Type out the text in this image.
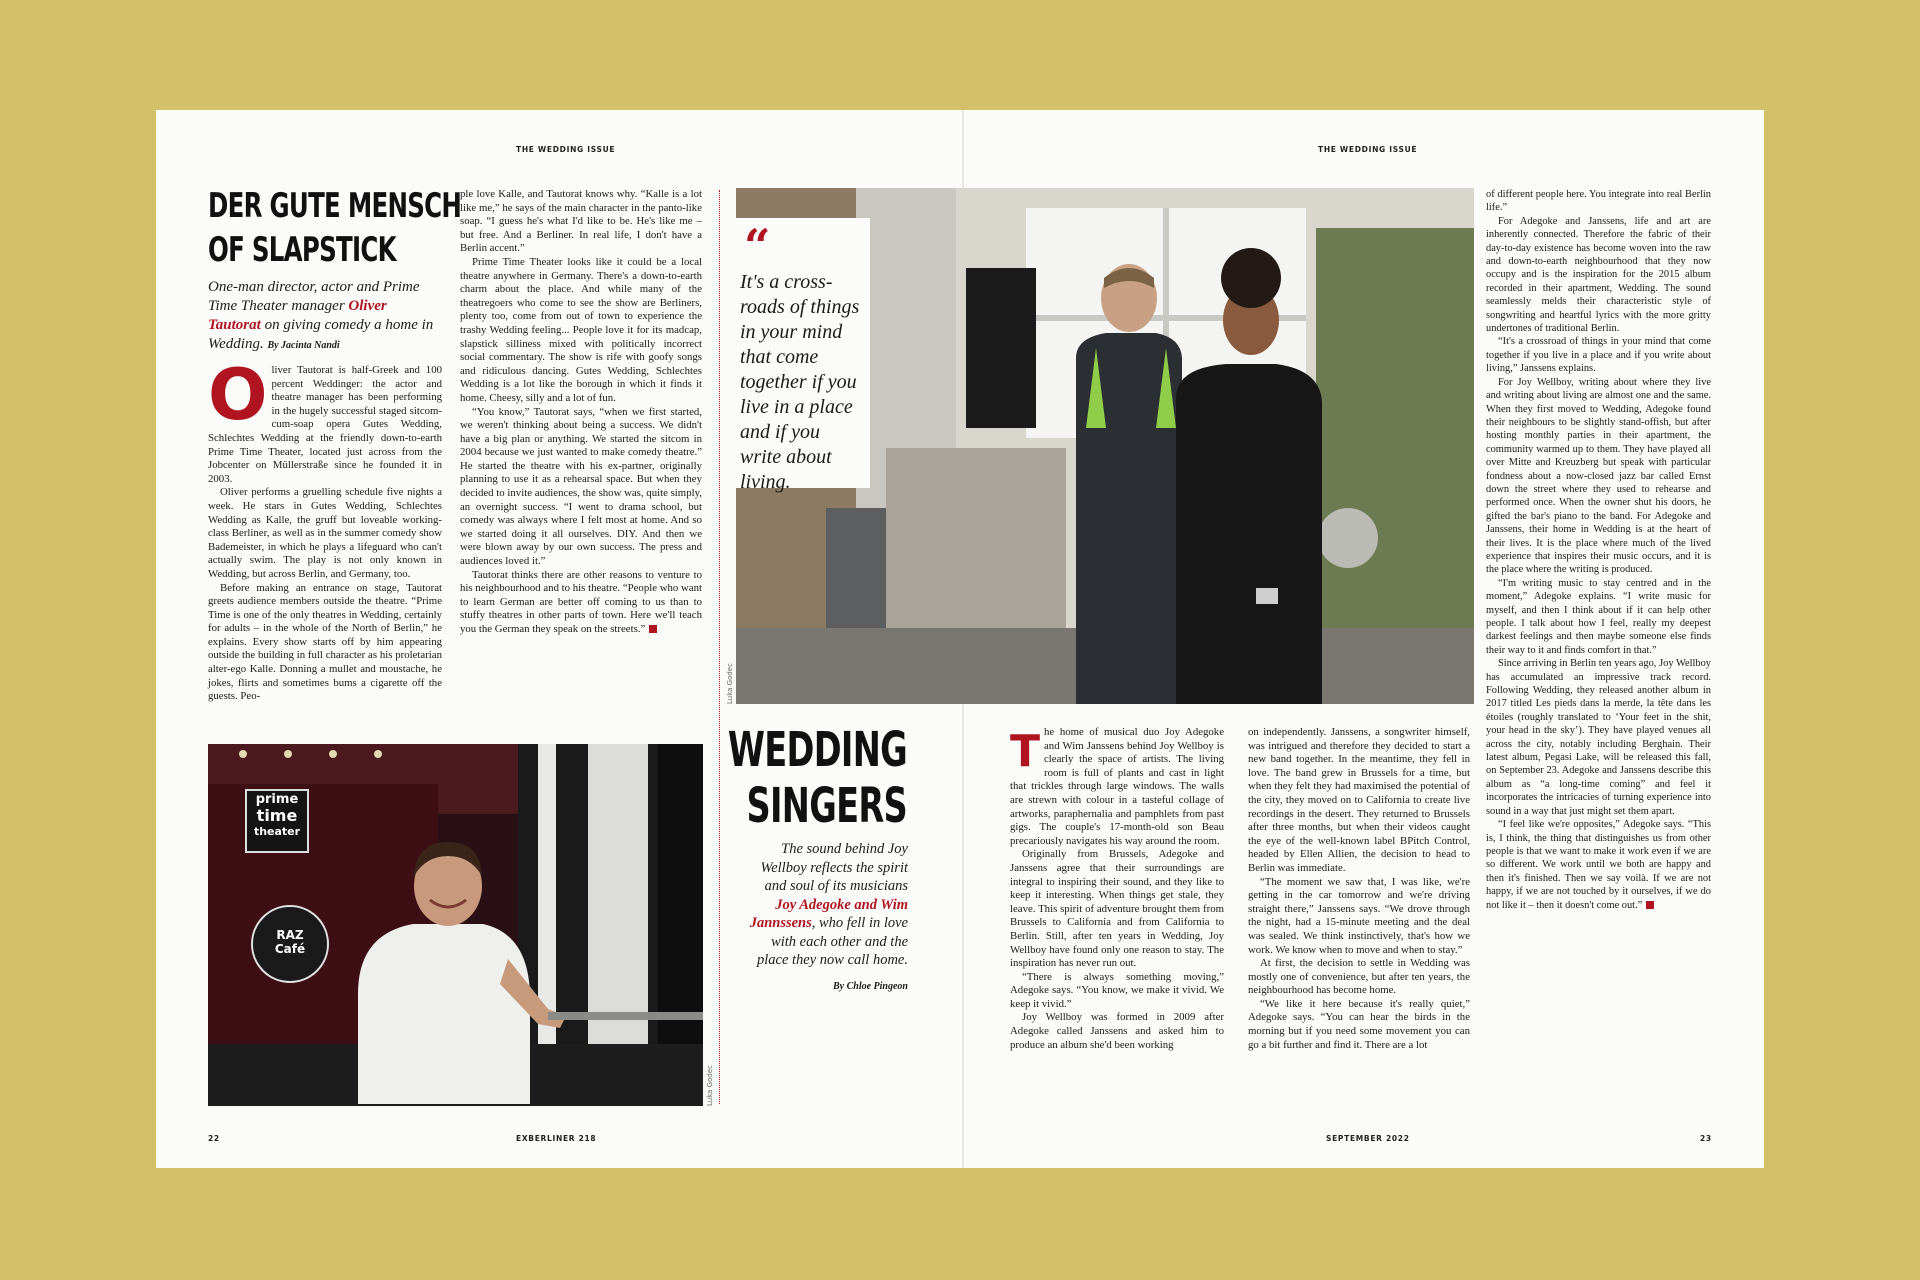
THE WEDDING ISSUE	THE WEDDING ISSUE
DER GUTE MENSCH
OF SLAPSTICK
One-man director, actor and Prime Time Theater manager Oliver Tautorat on giving comedy a home in Wedding. By Jacinta Nandi

Oliver Tautorat is half-Greek and 100 percent Weddinger: the actor and theatre manager has been performing in the hugely successful staged sitcom-cum-soap opera Gutes Wedding, Schlechtes Wedding at the friendly down-to-earth Prime Time Theater, located just across from the Jobcenter on Müllerstraße since he founded it in 2003.

Oliver performs a gruelling schedule five nights a week. He stars in Gutes Wedding, Schlechtes Wedding as Kalle, the gruff but loveable working-class Berliner, as well as in the summer comedy show Bademeister, in which he plays a lifeguard who can't actually swim. The play is not only known in Wedding, but across Berlin, and Germany, too.

Before making an entrance on stage, Tautorat greets audience members outside the theatre. “Prime Time is one of the only theatres in Wedding, certainly for adults – in the whole of the North of Berlin,” he explains. Every show starts off by him appearing outside the building in full character as his proletarian alter-ego Kalle. Donning a mullet and moustache, he jokes, flirts and sometimes bums a cigarette off the guests. Peo-

ple love Kalle, and Tautorat knows why. “Kalle is a lot like me,” he says of the main character in the panto-like soap. “I guess he's what I'd like to be. He's like me – but free. And a Berliner. In real life, I don't have a Berlin accent.”

Prime Time Theater looks like it could be a local theatre anywhere in Germany. There's a down-to-earth charm about the place. And while many of the theatregoers who come to see the show are Berliners, plenty too, come from out of town to experience the trashy Wedding feeling... People love it for its madcap, slapstick silliness mixed with politically incorrect social commentary. The show is rife with goofy songs and ridiculous dancing. Gutes Wedding, Schlechtes Wedding is a lot like the borough in which it finds it home. Cheesy, silly and a lot of fun.

“You know,” Tautorat says, “when we first started, we weren't thinking about being a success. We didn't have a big plan or anything. We started the sitcom in 2004 because we just wanted to make comedy theatre.” He started the theatre with his ex-partner, originally planning to use it as a rehearsal space. But when they decided to invite audiences, the show was, quite simply, an overnight success. “I went to drama school, but comedy was always where I felt most at home. And so we started doing it all ourselves. DIY. And then we were blown away by our own success. The press and audiences loved it.”

Tautorat thinks there are other reasons to venture to his neighbourhood and to his theatre. “People who want to learn German are better off coming to us than to stuffy theatres in other parts of town. Here we'll teach you the German they speak on the streets.”

prime
time
theater
RAZ
Café
Luka Godec
22	EXBERLINER 218
“
It's a cross-roads of things in your mind that come together if you live in a place and if you write about living.
Luka Godec
WEDDING
SINGERS
The sound behind Joy Wellboy reflects the spirit and soul of its musicians Joy Adegoke and Wim Jannssens, who fell in love with each other and the place they now call home.
By Chloe Pingeon

The home of musical duo Joy Adegoke and Wim Janssens behind Joy Wellboy is clearly the space of artists. The living room is full of plants and cast in light that trickles through large windows. The walls are strewn with colour in a tasteful collage of artworks, paraphernalia and pamphlets from past gigs. The couple's 17-month-old son Beau precariously navigates his way around the room.

Originally from Brussels, Adegoke and Janssens agree that their surroundings are integral to inspiring their sound, and they like to keep it interesting. When things get stale, they leave. This spirit of adventure brought them from Brussels to California and from California to Berlin. Still, after ten years in Wedding, Joy Wellboy have found only one reason to stay. The inspiration has never run out.

“There is always something moving,” Adegoke says. “You know, we make it vivid. We keep it vivid.”

Joy Wellboy was formed in 2009 after Adegoke called Janssens and asked him to produce an album she'd been working

on independently. Janssens, a songwriter himself, was intrigued and therefore they decided to start a new band together. In the meantime, they fell in love. The band grew in Brussels for a time, but when they felt they had maximised the potential of the city, they moved on to California to create live recordings in the desert. They returned to Brussels after three months, but when their videos caught the eye of the well-known label BPitch Control, headed by Ellen Allien, the decision to head to Berlin was immediate.

“The moment we saw that, I was like, we're getting in the car tomorrow and we're driving straight there,” Janssens says. “We drove through the night, had a 15-minute meeting and the deal was sealed. We think instinctively, that's how we work. We know when to move and when to stay.”

At first, the decision to settle in Wedding was mostly one of convenience, but after ten years, the neighbourhood has become home.

“We like it here because it's really quiet,” Adegoke says. “You can hear the birds in the morning but if you need some movement you can go a bit further and find it. There are a lot

of different people here. You integrate into real Berlin life.”

For Adegoke and Janssens, life and art are inherently connected. Therefore the fabric of their day-to-day existence has become woven into the raw and down-to-earth neighbourhood that they now occupy and is the inspiration for the 2015 album recorded in their apartment, Wedding. The sound seamlessly melds their characteristic style of songwriting and heartful lyrics with the more gritty undertones of traditional Berlin.

“It's a crossroad of things in your mind that come together if you live in a place and if you write about living,” Janssens explains.

For Joy Wellboy, writing about where they live and writing about living are almost one and the same. When they first moved to Wedding, Adegoke found their neighbours to be slightly stand-offish, but after hosting monthly parties in their apartment, the community warmed up to them. They have played all over Mitte and Kreuzberg but speak with particular fondness about a now-closed jazz bar called Ernst down the street where they used to rehearse and performed once. When the owner shut his doors, he gifted the bar's piano to the band. For Adegoke and Janssens, their home in Wedding is at the heart of their lives. It is the place where much of the lived experience that inspires their music occurs, and it is the place where the writing is produced.

“I'm writing music to stay centred and in the moment,” Adegoke explains. “I write music for myself, and then I think about if it can help other people. I talk about how I feel, really my deepest darkest feelings and then maybe someone else finds their way to it and finds comfort in that.”

Since arriving in Berlin ten years ago, Joy Wellboy has accumulated an impressive track record. Following Wedding, they released another album in 2017 titled Les pieds dans la merde, la tête dans les étoiles (roughly translated to ‘Your feet in the shit, your head in the sky’). They have played venues all across the city, notably including Berghain. Their latest album, Pegasi Lake, will be released this fall, on September 23. Adegoke and Janssens describe this album as “a long-time coming” and feel it incorporates the intricacies of turning experience into sound in a way that just might set them apart.

“I feel like we're opposites,” Adegoke says. “This is, I think, the thing that distinguishes us from other people is that we want to make it work even if we are so different. We work until we both are happy and then it's finished. Then we say voilà. If we are not happy, if we are not touched by it ourselves, if we do not like it – then it doesn't come out.”

SEPTEMBER 2022	23
